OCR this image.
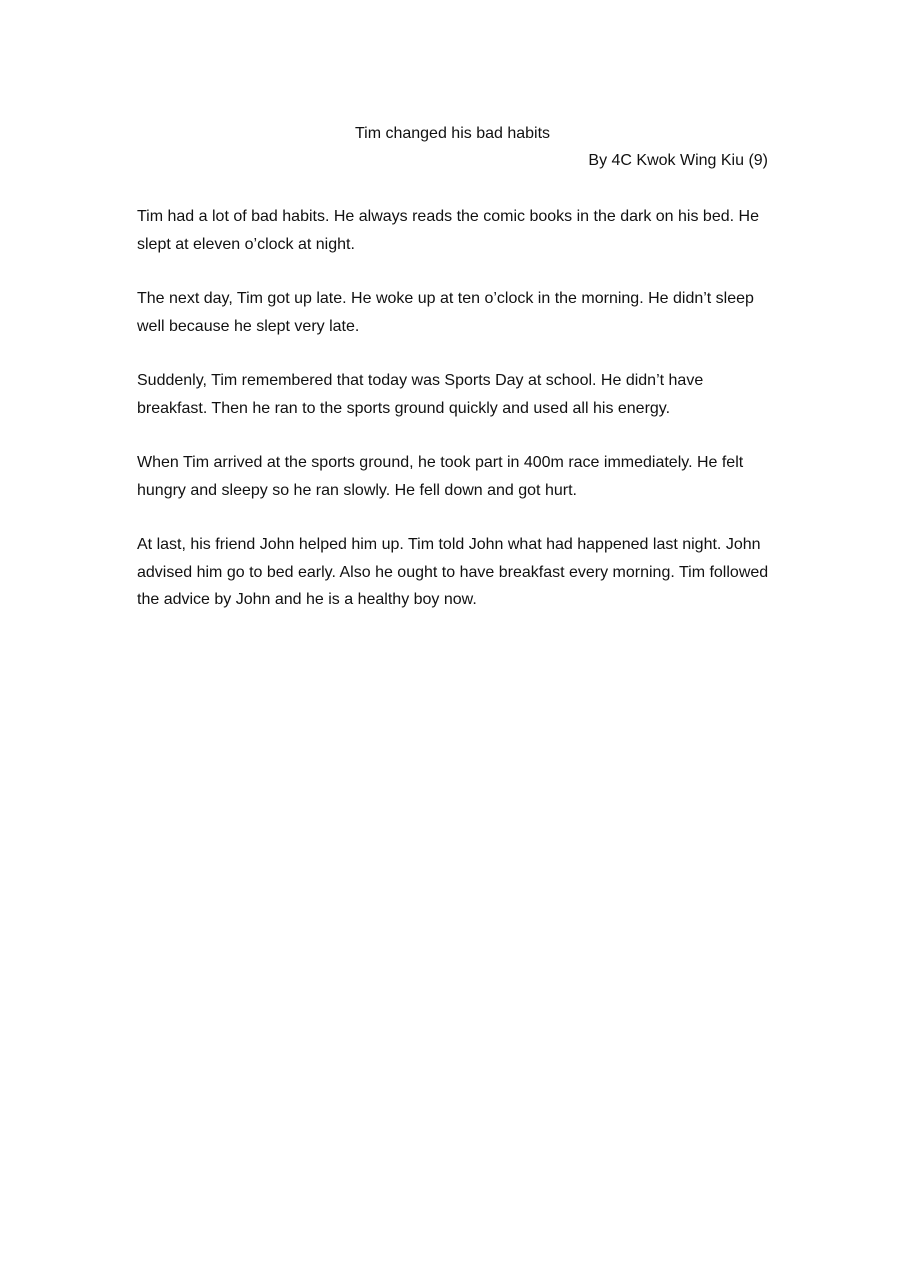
Tim changed his bad habits

By 4C Kwok Wing Kiu (9)

Tim had a lot of bad habits. He always reads the comic books in the dark on his bed. He slept at eleven o’clock at night.

The next day, Tim got up late. He woke up at ten o’clock in the morning. He didn’t sleep well because he slept very late.

Suddenly, Tim remembered that today was Sports Day at school. He didn’t have breakfast. Then he ran to the sports ground quickly and used all his energy.

When Tim arrived at the sports ground, he took part in 400m race immediately. He felt hungry and sleepy so he ran slowly. He fell down and got hurt.

At last, his friend John helped him up. Tim told John what had happened last night. John advised him go to bed early. Also he ought to have breakfast every morning. Tim followed the advice by John and he is a healthy boy now.
